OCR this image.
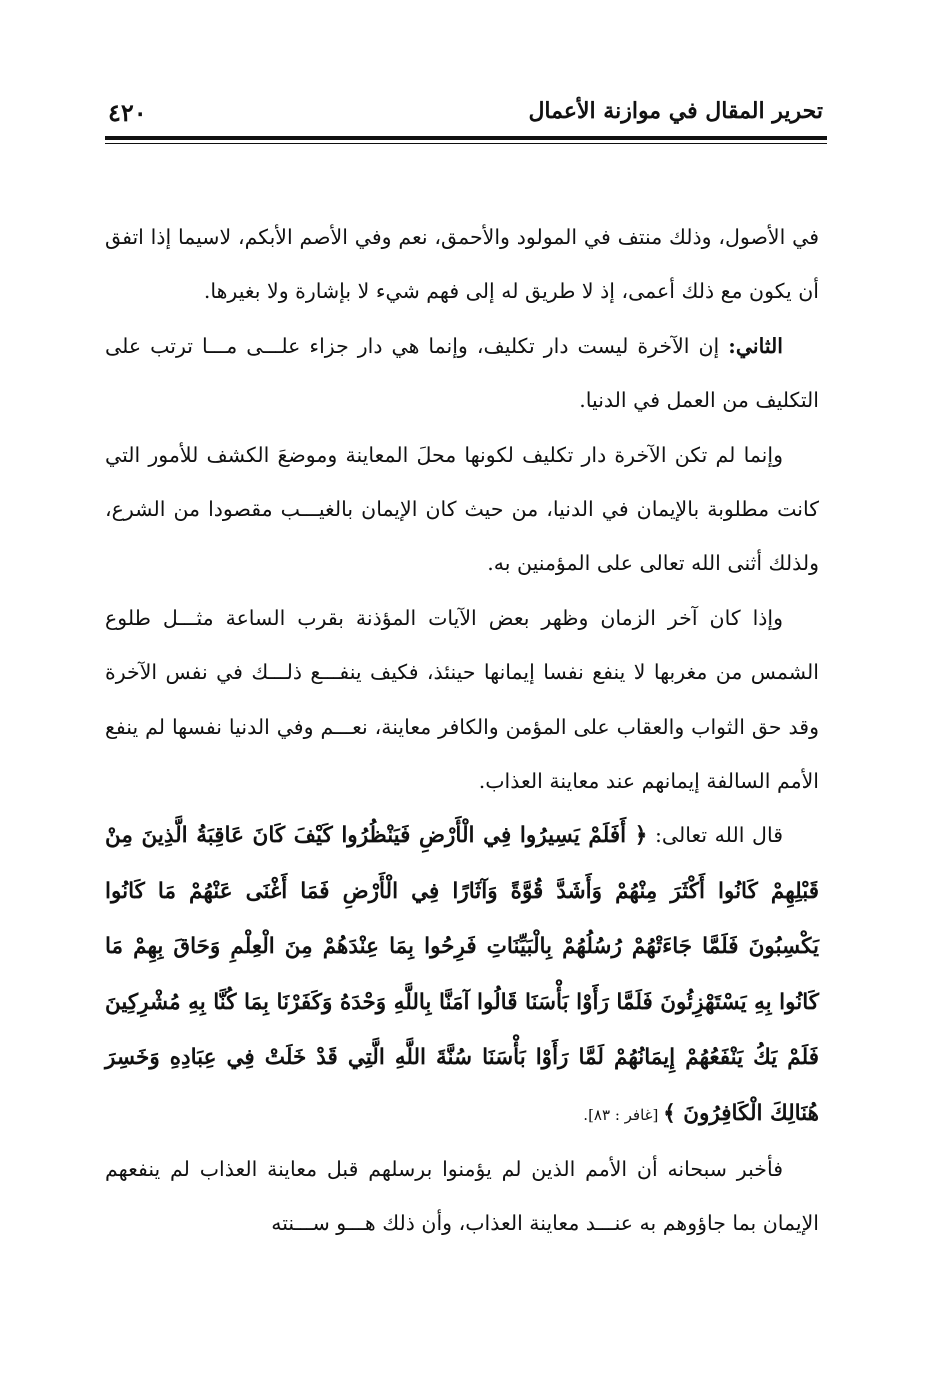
تحرير المقال في موازنة الأعمال
٤٢٠

في الأصول، وذلك منتف في المولود والأحمق، نعم وفي الأصم الأبكم، لاسيما إذا اتفق أن يكون مع ذلك أعمى، إذ لا طريق له إلى فهم شيء لا بإشارة ولا بغيرها.

الثاني: إن الآخرة ليست دار تكليف، وإنما هي دار جزاء علـــى مـــا ترتب على التكليف من العمل في الدنيا.

وإنما لم تكن الآخرة دار تكليف لكونها محلَ المعاينة وموضعَ الكشف للأمور التي كانت مطلوبة بالإيمان في الدنيا، من حيث كان الإيمان بالغيـــب مقصودا من الشرع، ولذلك أثنى الله تعالى على المؤمنين به.

وإذا كان آخر الزمان وظهر بعض الآيات المؤذنة بقرب الساعة مثـــل طلوع الشمس من مغربها لا ينفع نفسا إيمانها حينئذ، فكيف ينفـــع ذلـــك في نفس الآخرة وقد حق الثواب والعقاب على المؤمن والكافر معاينة، نعـــم وفي الدنيا نفسها لم ينفع الأمم السالفة إيمانهم عند معاينة العذاب.

قال الله تعالى: ﴿ أَفَلَمْ يَسِيرُوا فِي الْأَرْضِ فَيَنْظُرُوا كَيْفَ كَانَ عَاقِبَةُ الَّذِينَ مِنْ قَبْلِهِمْ كَانُوا أَكْثَرَ مِنْهُمْ وَأَشَدَّ قُوَّةً وَآثَارًا فِي الْأَرْضِ فَمَا أَغْنَى عَنْهُمْ مَا كَانُوا يَكْسِبُونَ فَلَمَّا جَاءَتْهُمْ رُسُلُهُمْ بِالْبَيِّنَاتِ فَرِحُوا بِمَا عِنْدَهُمْ مِنَ الْعِلْمِ وَحَاقَ بِهِمْ مَا كَانُوا بِهِ يَسْتَهْزِئُونَ فَلَمَّا رَأَوْا بَأْسَنَا قَالُوا آمَنَّا بِاللَّهِ وَحْدَهُ وَكَفَرْنَا بِمَا كُنَّا بِهِ مُشْرِكِينَ فَلَمْ يَكُ يَنْفَعُهُمْ إِيمَانُهُمْ لَمَّا رَأَوْا بَأْسَنَا سُنَّةَ اللَّهِ الَّتِي قَدْ خَلَتْ فِي عِبَادِهِ وَخَسِرَ هُنَالِكَ الْكَافِرُونَ ﴾ [غافر : ٨٣].

فأخبر سبحانه أن الأمم الذين لم يؤمنوا برسلهم قبل معاينة العذاب لم ينفعهم الإيمان بما جاؤوهم به عنـــد معاينة العذاب، وأن ذلك هـــو ســـنته
